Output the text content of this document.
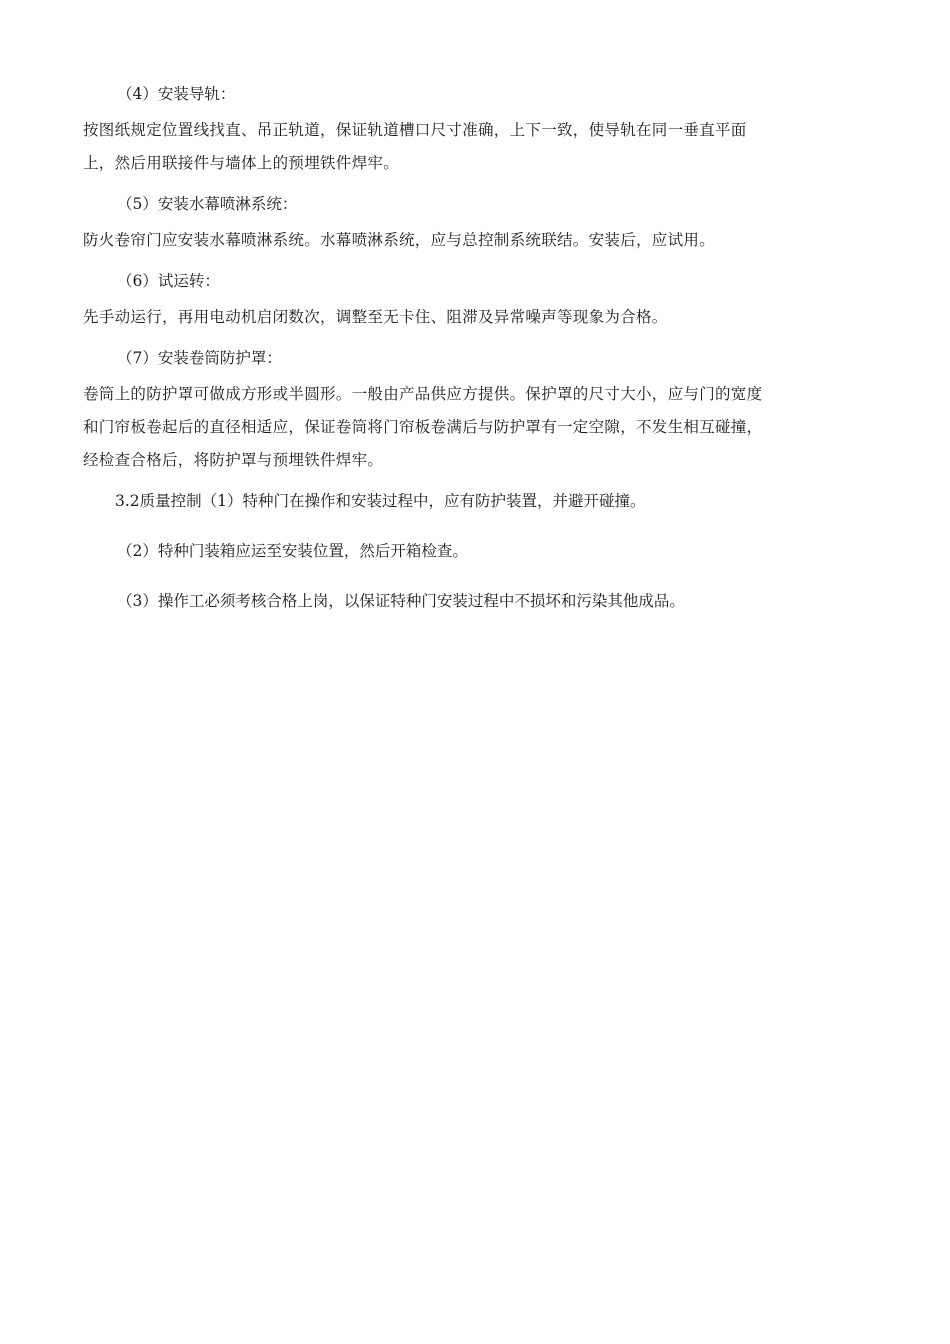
（4）安装导轨：

按图纸规定位置线找直、吊正轨道，保证轨道槽口尺寸准确，上下一致，使导轨在同一垂直平面
上，然后用联接件与墙体上的预埋铁件焊牢。

（5）安装水幕喷淋系统：

防火卷帘门应安装水幕喷淋系统。水幕喷淋系统，应与总控制系统联结。安装后，应试用。

（6）试运转：

先手动运行，再用电动机启闭数次，调整至无卡住、阻滞及异常噪声等现象为合格。

（7）安装卷筒防护罩：

卷筒上的防护罩可做成方形或半圆形。一般由产品供应方提供。保护罩的尺寸大小，应与门的宽度
和门帘板卷起后的直径相适应，保证卷筒将门帘板卷满后与防护罩有一定空隙，不发生相互碰撞，
经检查合格后，将防护罩与预埋铁件焊牢。

3.2质量控制（1）特种门在操作和安装过程中，应有防护装置，并避开碰撞。

（2）特种门装箱应运至安装位置，然后开箱检查。

（3）操作工必须考核合格上岗，以保证特种门安装过程中不损坏和污染其他成品。
